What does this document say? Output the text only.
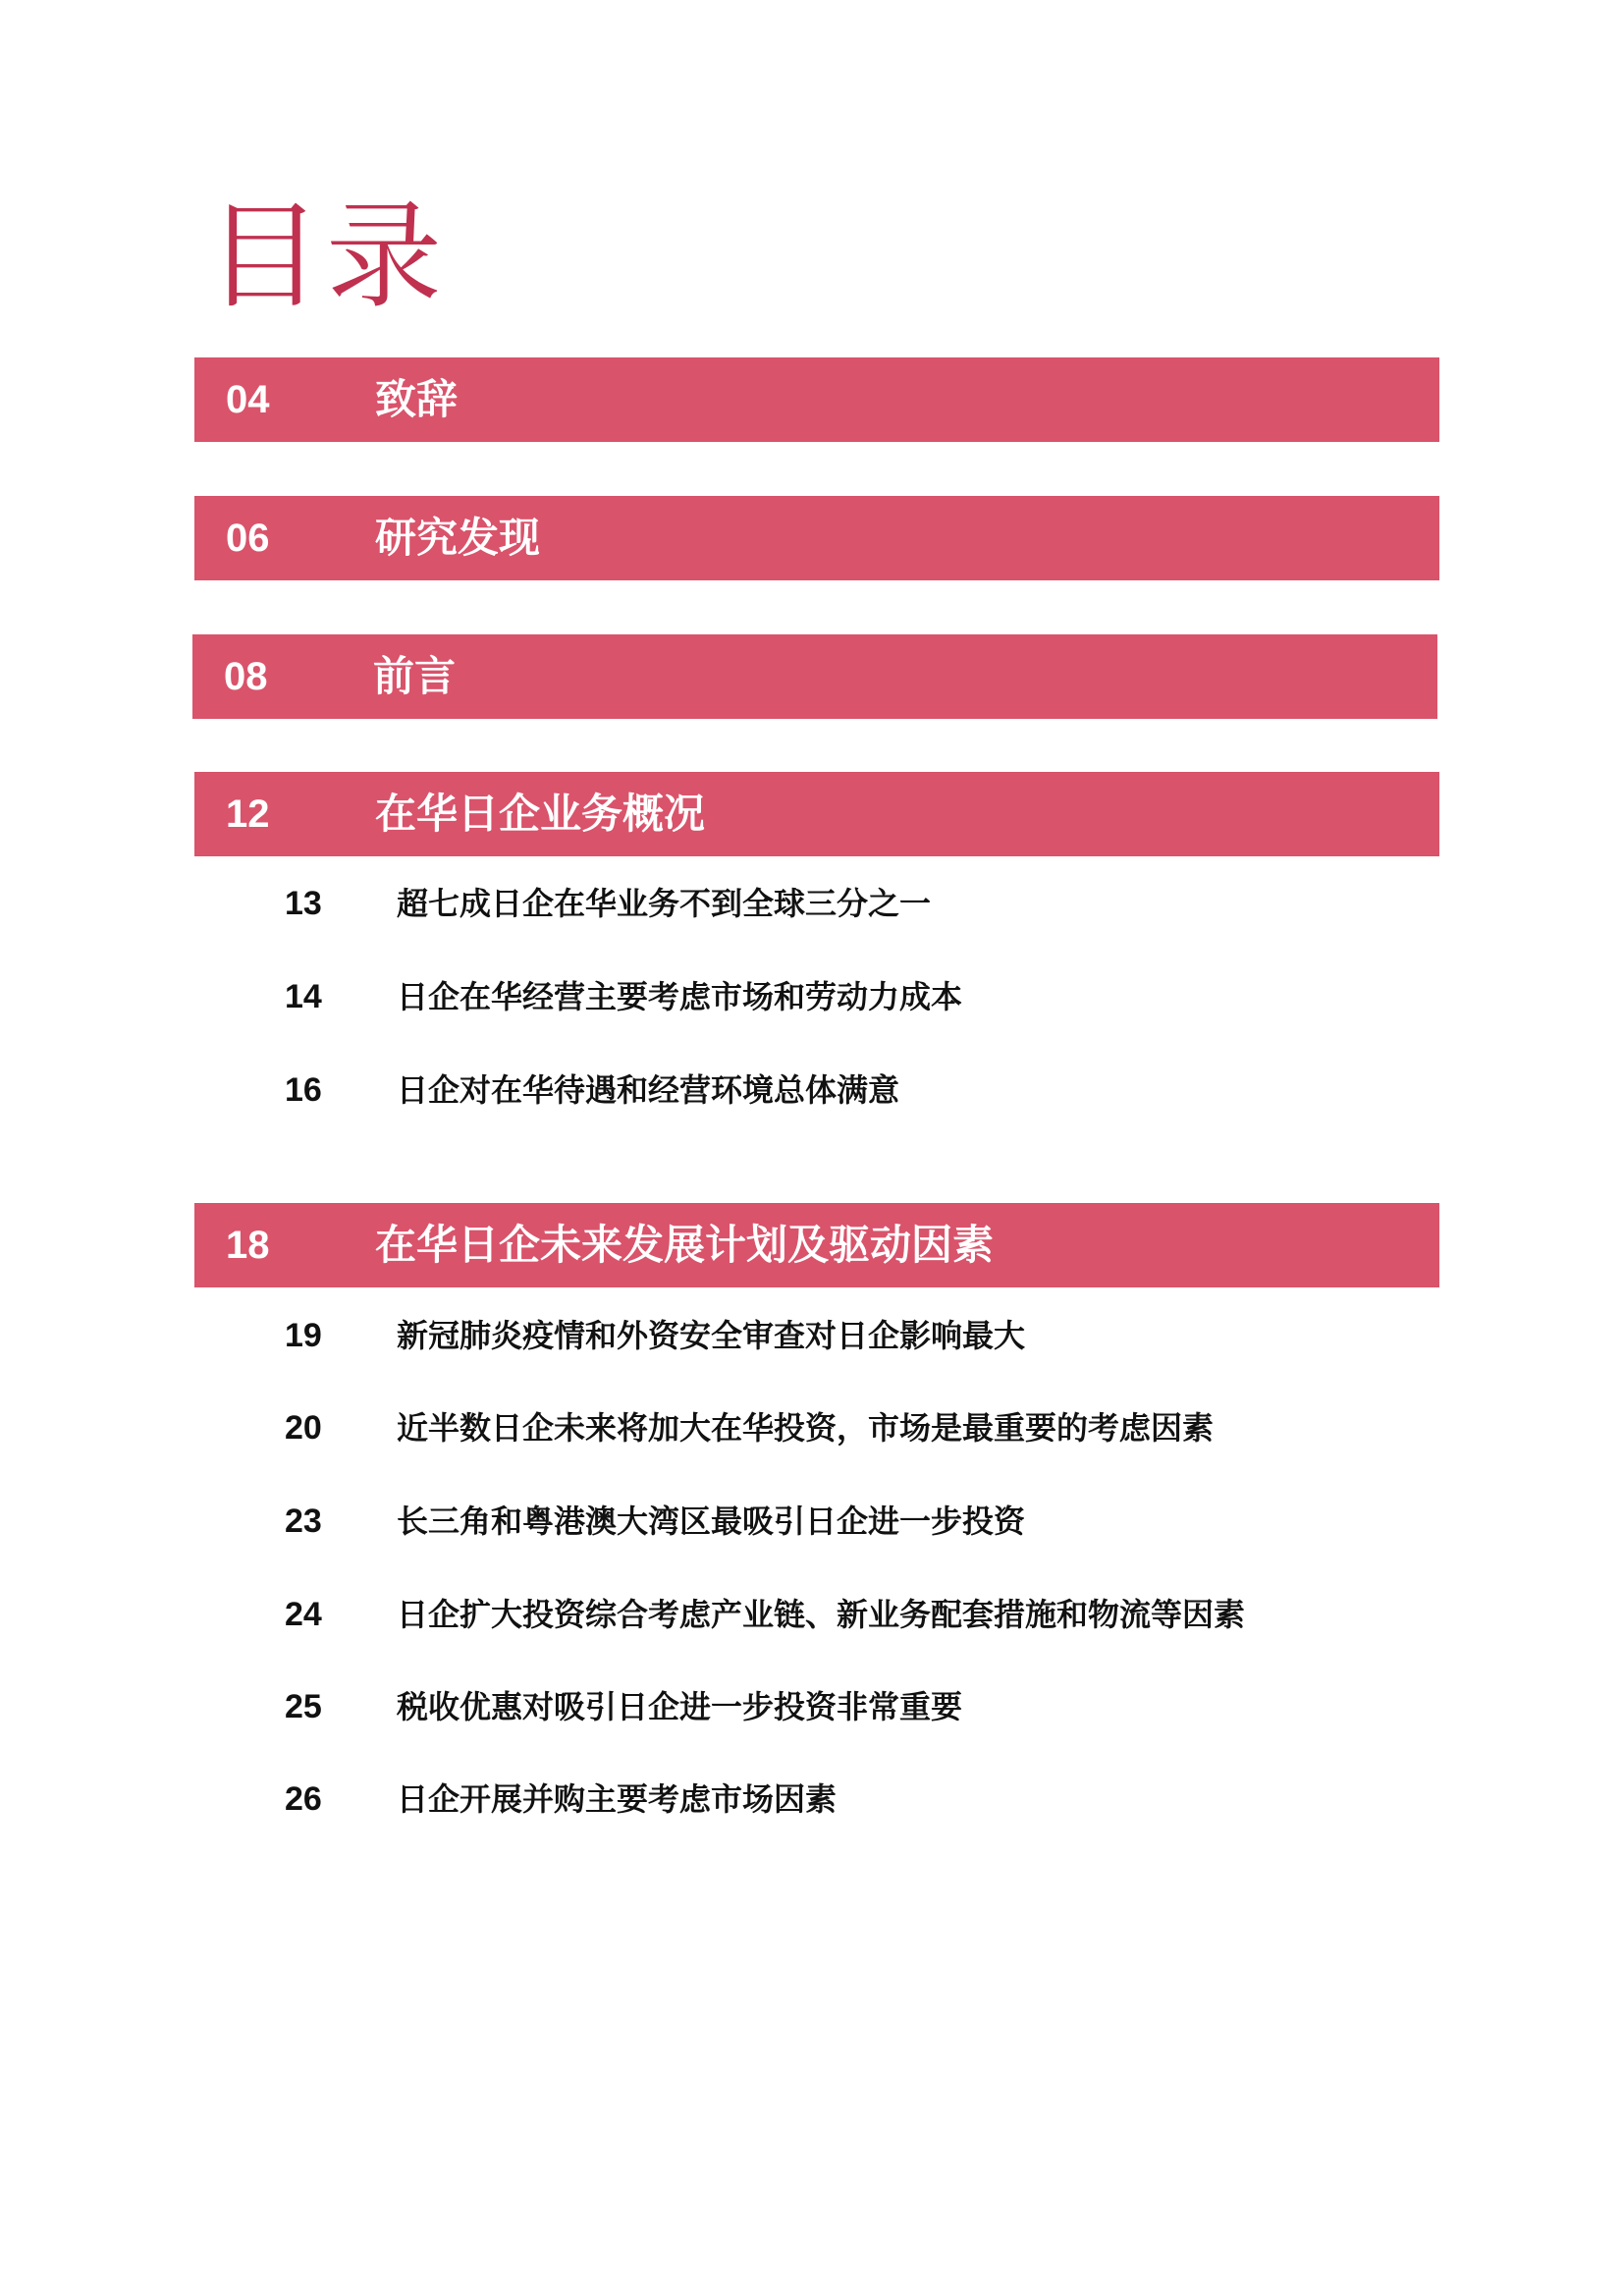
目录
04	致辞
06	研究发现
08	前言
12	在华日企业务概况
13 超七成日企在华业务不到全球三分之一
14 日企在华经营主要考虑市场和劳动力成本
16 日企对在华待遇和经营环境总体满意
18	在华日企未来发展计划及驱动因素
19 新冠肺炎疫情和外资安全审查对日企影响最大
20 近半数日企未来将加大在华投资，市场是最重要的考虑因素
23 长三角和粤港澳大湾区最吸引日企进一步投资
24 日企扩大投资综合考虑产业链、新业务配套措施和物流等因素
25 税收优惠对吸引日企进一步投资非常重要
26 日企开展并购主要考虑市场因素
